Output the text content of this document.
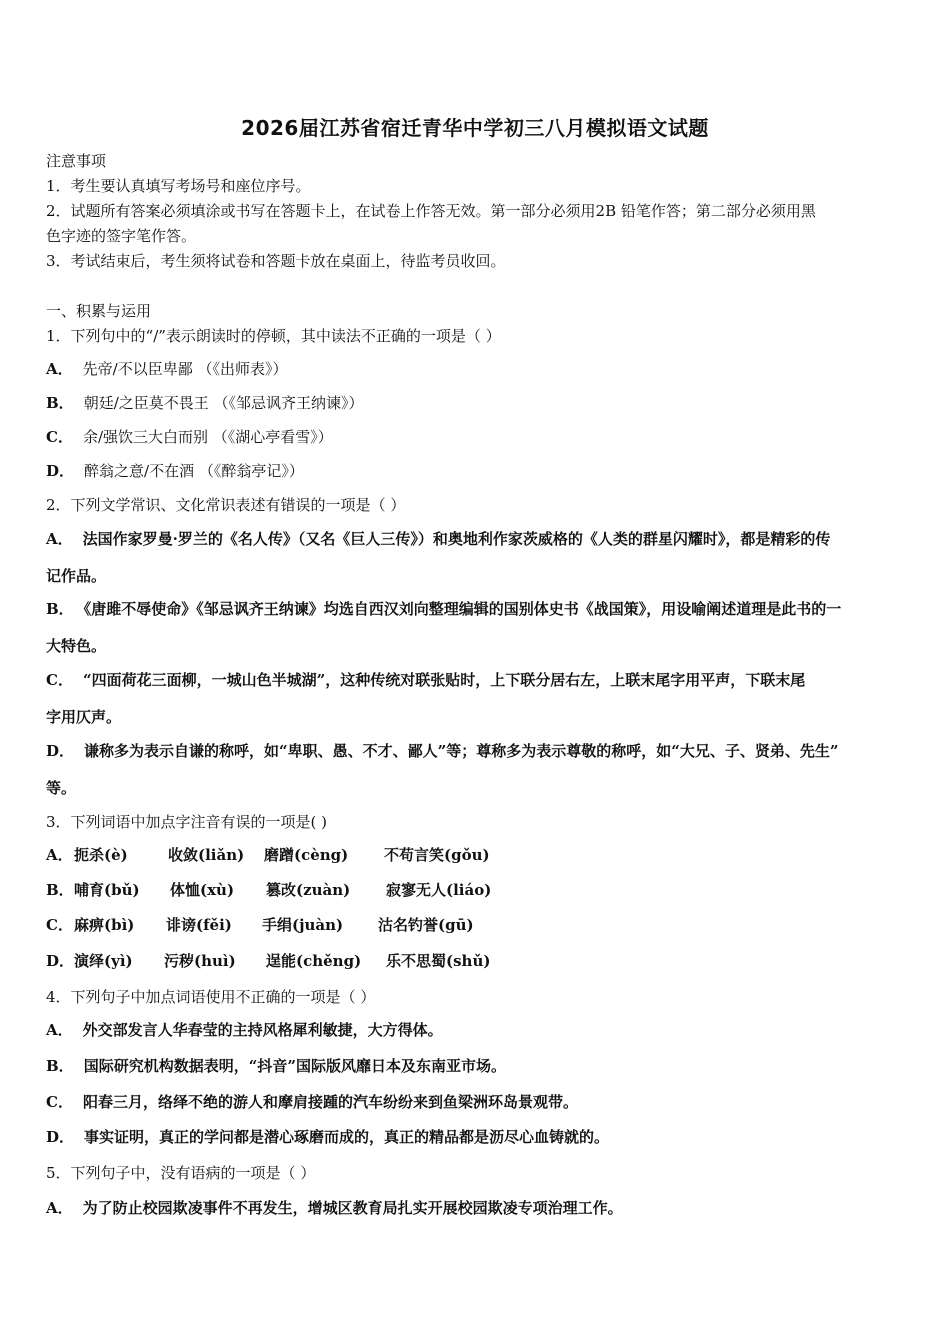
2026届江苏省宿迁青华中学初三八月模拟语文试题
注意事项
1．考生要认真填写考场号和座位序号。
2．试题所有答案必须填涂或书写在答题卡上，在试卷上作答无效。第一部分必须用2B 铅笔作答；第二部分必须用黑
色字迹的签字笔作答。
3．考试结束后，考生须将试卷和答题卡放在桌面上，待监考员收回。
一、积累与运用
1．下列句中的“/”表示朗读时的停顿，其中读法不正确的一项是（ ）
A． 先帝/不以臣卑鄙 （《出师表》）
B． 朝廷/之臣莫不畏王 （《邹忌讽齐王纳谏》）
C． 余/强饮三大白而别 （《湖心亭看雪》）
D． 醉翁之意/不在酒 （《醉翁亭记》）
2．下列文学常识、文化常识表述有错误的一项是（ ）
A． 法国作家罗曼·罗兰的《名人传》（又名《巨人三传》）和奥地利作家茨威格的《人类的群星闪耀时》，都是精彩的传
记作品。
B． 《唐雎不辱使命》《邹忌讽齐王纳谏》均选自西汉刘向整理编辑的国别体史书《战国策》，用设喻阐述道理是此书的一
大特色。
C． “四面荷花三面柳，一城山色半城湖”，这种传统对联张贴时，上下联分居右左，上联末尾字用平声，下联末尾
字用仄声。
D． 谦称多为表示自谦的称呼，如“卑职、愚、不才、鄙人”等；尊称多为表示尊敬的称呼，如“大兄、子、贤弟、先生”
等。
3．下列词语中加点字注音有误的一项是( )
A． 扼杀(è)	收敛(liǎn) 磨蹭(cèng) 不苟言笑(gǒu)
B． 哺育(bǔ) 体恤(xù) 篡改(zuàn) 寂寥无人(liáo)
C． 麻痹(bì) 诽谤(fěi) 手绢(juàn) 沽名钓誉(gū)
D． 演绎(yì) 污秽(huì) 逞能(chěng) 乐不思蜀(shǔ)
4．下列句子中加点词语使用不正确的一项是（ ）
A． 外交部发言人华春莹的主持风格犀利敏捷，大方得体。
B． 国际研究机构数据表明，“抖音”国际版风靡日本及东南亚市场。
C． 阳春三月，络绎不绝的游人和摩肩接踵的汽车纷纷来到鱼梁洲环岛景观带。
D． 事实证明，真正的学问都是潜心琢磨而成的，真正的精品都是沥尽心血铸就的。
5．下列句子中，没有语病的一项是（ ）
A． 为了防止校园欺凌事件不再发生，增城区教育局扎实开展校园欺凌专项治理工作。
